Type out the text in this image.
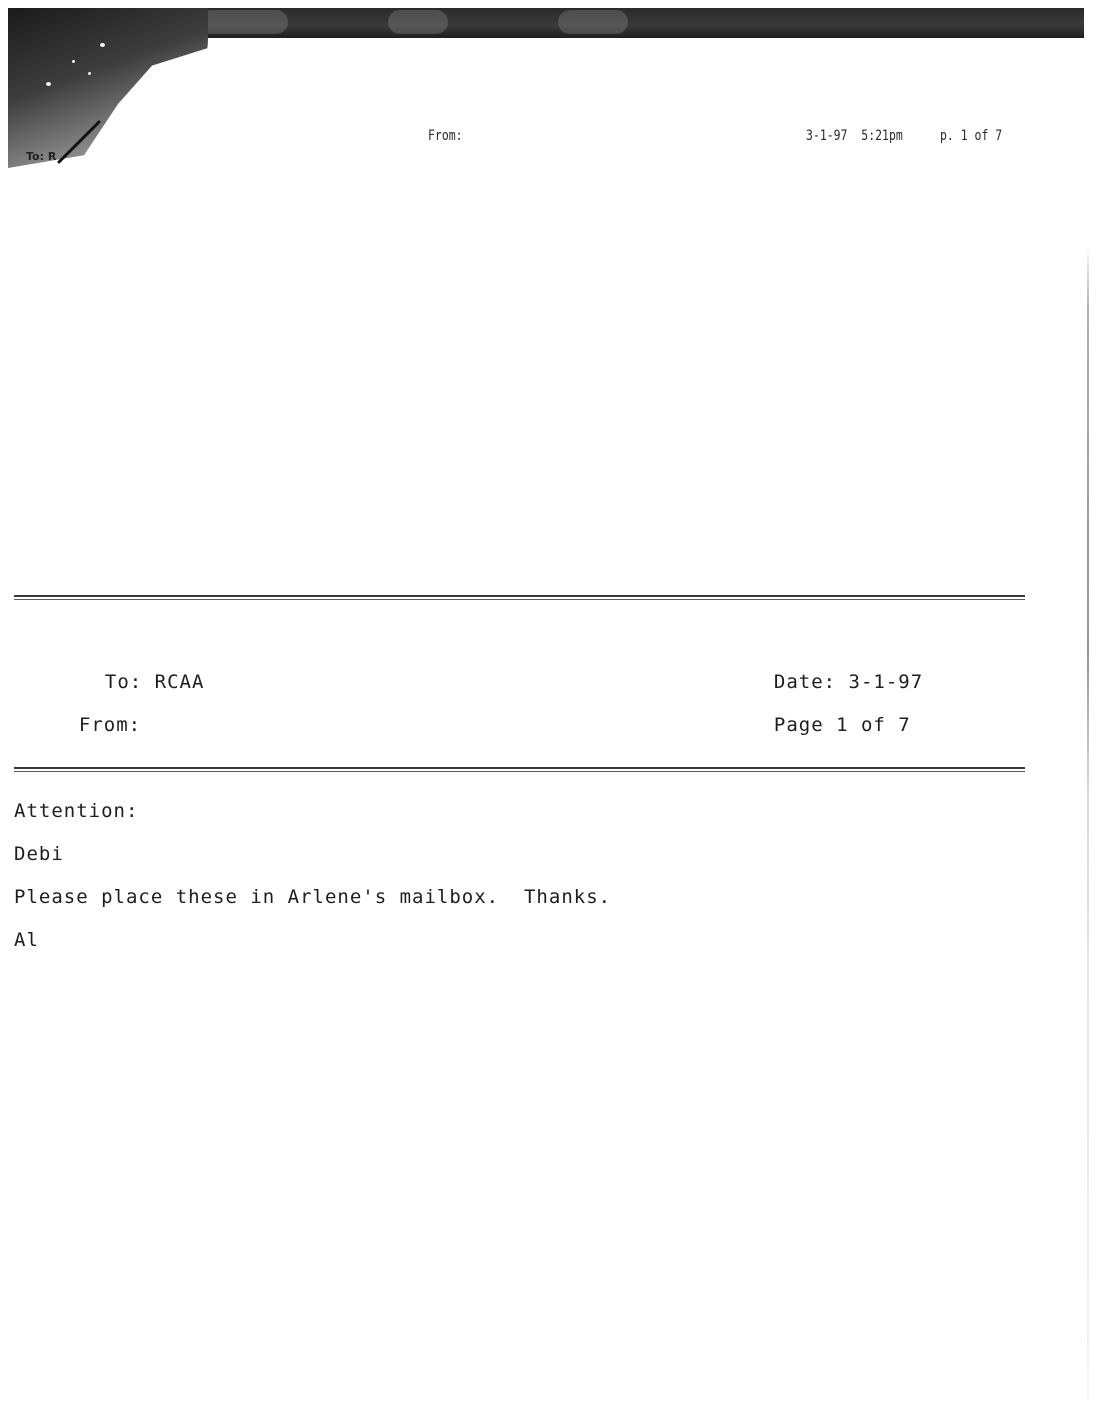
To: R
From:	3-1-97  5:21pm	p. 1 of 7

To: RCAA

From:

Date: 3-1-97

Page 1 of 7

Attention:
Debi
Please place these in Arlene's mailbox.  Thanks.
Al
